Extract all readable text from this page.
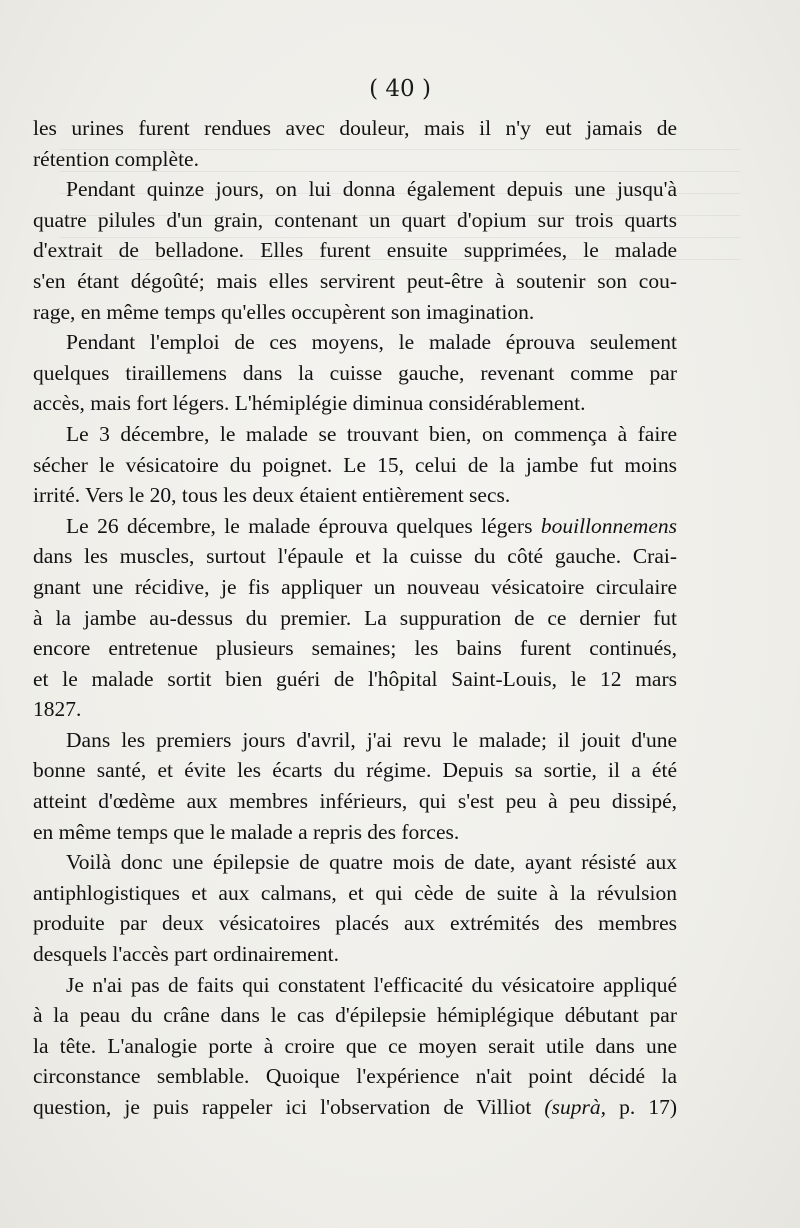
( 40 )
les urines furent rendues avec douleur, mais il n'y eut jamais de
rétention complète.
Pendant quinze jours, on lui donna également depuis une jusqu'à
quatre pilules d'un grain, contenant un quart d'opium sur trois quarts
d'extrait de belladone. Elles furent ensuite supprimées, le malade
s'en étant dégoûté; mais elles servirent peut-être à soutenir son cou-
rage, en même temps qu'elles occupèrent son imagination.
Pendant l'emploi de ces moyens, le malade éprouva seulement
quelques tiraillemens dans la cuisse gauche, revenant comme par
accès, mais fort légers. L'hémiplégie diminua considérablement.
Le 3 décembre, le malade se trouvant bien, on commença à faire
sécher le vésicatoire du poignet. Le 15, celui de la jambe fut moins
irrité. Vers le 20, tous les deux étaient entièrement secs.
Le 26 décembre, le malade éprouva quelques légers bouillonnemens
dans les muscles, surtout l'épaule et la cuisse du côté gauche. Crai-
gnant une récidive, je fis appliquer un nouveau vésicatoire circulaire
à la jambe au-dessus du premier. La suppuration de ce dernier fut
encore entretenue plusieurs semaines; les bains furent continués,
et le malade sortit bien guéri de l'hôpital Saint-Louis, le 12 mars
1827.
Dans les premiers jours d'avril, j'ai revu le malade; il jouit d'une
bonne santé, et évite les écarts du régime. Depuis sa sortie, il a été
atteint d'œdème aux membres inférieurs, qui s'est peu à peu dissipé,
en même temps que le malade a repris des forces.
Voilà donc une épilepsie de quatre mois de date, ayant résisté aux
antiphlogistiques et aux calmans, et qui cède de suite à la révulsion
produite par deux vésicatoires placés aux extrémités des membres
desquels l'accès part ordinairement.
Je n'ai pas de faits qui constatent l'efficacité du vésicatoire appliqué
à la peau du crâne dans le cas d'épilepsie hémiplégique débutant par
la tête. L'analogie porte à croire que ce moyen serait utile dans une
circonstance semblable. Quoique l'expérience n'ait point décidé la
question, je puis rappeler ici l'observation de Villiot (suprà, p. 17)
